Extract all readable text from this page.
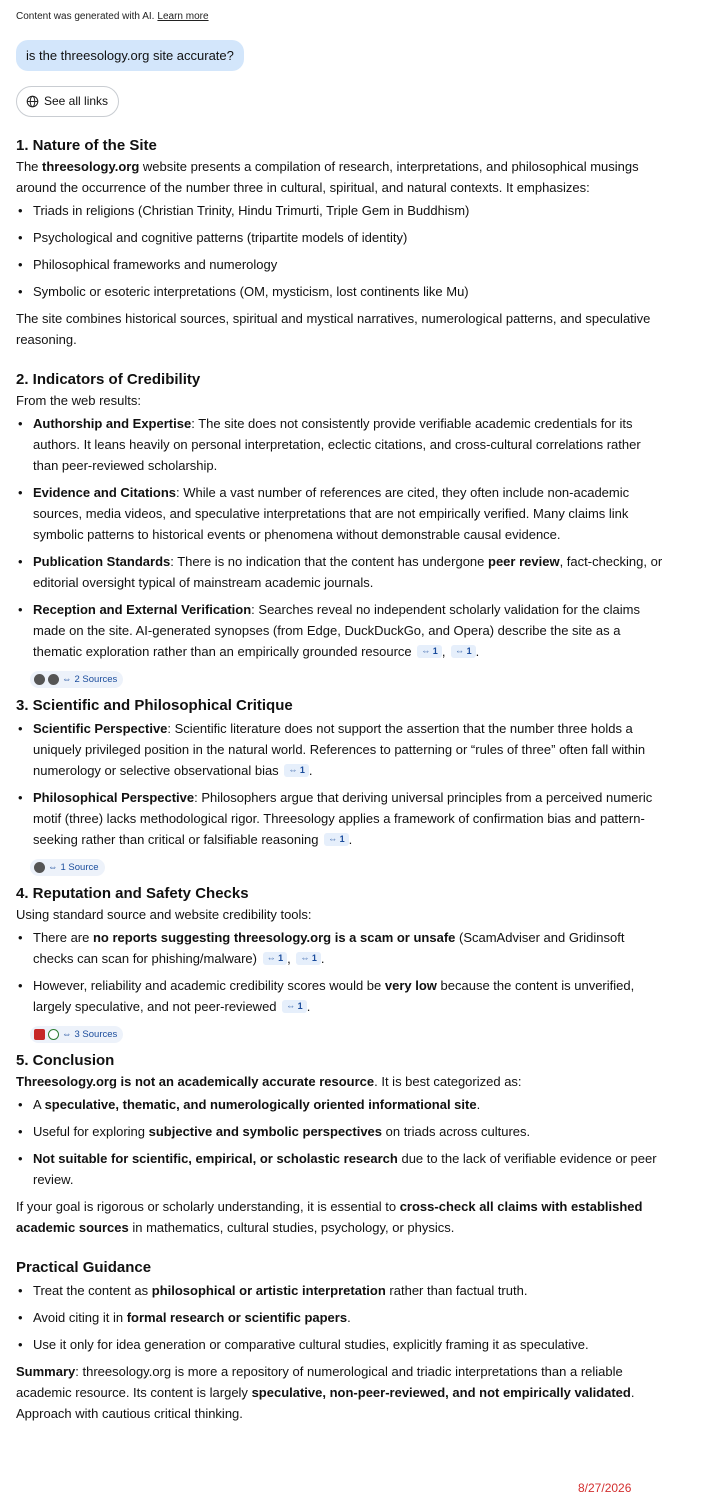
Content was generated with AI. Learn more
is the threesology.org site accurate?
See all links
1. Nature of the Site

The threesology.org website presents a compilation of research, interpretations, and philosophical musings around the occurrence of the number three in cultural, spiritual, and natural contexts. It emphasizes:

• Triads in religions (Christian Trinity, Hindu Trimurti, Triple Gem in Buddhism)
• Psychological and cognitive patterns (tripartite models of identity)
• Philosophical frameworks and numerology
• Symbolic or esoteric interpretations (OM, mysticism, lost continents like Mu)

The site combines historical sources, spiritual and mystical narratives, numerological patterns, and speculative reasoning.

2. Indicators of Credibility

From the web results:

• Authorship and Expertise: The site does not consistently provide verifiable academic credentials for its authors. It leans heavily on personal interpretation, eclectic citations, and cross-cultural correlations rather than peer-reviewed scholarship.
• Evidence and Citations: While a vast number of references are cited, they often include non-academic sources, media videos, and speculative interpretations that are not empirically verified. Many claims link symbolic patterns to historical events or phenomena without demonstrable causal evidence.
• Publication Standards: There is no indication that the content has undergone peer review, fact-checking, or editorial oversight typical of mainstream academic journals.
• Reception and External Verification: Searches reveal no independent scholarly validation for the claims made on the site. AI-generated synopses (from Edge, DuckDuckGo, and Opera) describe the site as a thematic exploration rather than an empirically grounded resource ⇔ 1 , ⇔ 1 .
⇔ 2 Sources
3. Scientific and Philosophical Critique
• Scientific Perspective: Scientific literature does not support the assertion that the number three holds a uniquely privileged position in the natural world. References to patterning or “rules of three” often fall within numerology or selective observational bias ⇔ 1 .
• Philosophical Perspective: Philosophers argue that deriving universal principles from a perceived numeric motif (three) lacks methodological rigor. Threesology applies a framework of confirmation bias and pattern-seeking rather than critical or falsifiable reasoning ⇔ 1 .
⇔ 1 Source
4. Reputation and Safety Checks

Using standard source and website credibility tools:

• There are no reports suggesting threesology.org is a scam or unsafe (ScamAdviser and Gridinsoft checks can scan for phishing/malware) ⇔ 1 , ⇔ 1 .
• However, reliability and academic credibility scores would be very low because the content is unverified, largely speculative, and not peer-reviewed ⇔ 1 .
⇔ 3 Sources
5. Conclusion

Threesology.org is not an academically accurate resource. It is best categorized as:

• A speculative, thematic, and numerologically oriented informational site.
• Useful for exploring subjective and symbolic perspectives on triads across cultures.
• Not suitable for scientific, empirical, or scholastic research due to the lack of verifiable evidence or peer review.

If your goal is rigorous or scholarly understanding, it is essential to cross-check all claims with established academic sources in mathematics, cultural studies, psychology, or physics.

Practical Guidance
• Treat the content as philosophical or artistic interpretation rather than factual truth.
• Avoid citing it in formal research or scientific papers.
• Use it only for idea generation or comparative cultural studies, explicitly framing it as speculative.

Summary: threesology.org is more a repository of numerological and triadic interpretations than a reliable academic resource. Its content is largely speculative, non-peer-reviewed, and not empirically validated. Approach with cautious critical thinking.

8/27/2026
